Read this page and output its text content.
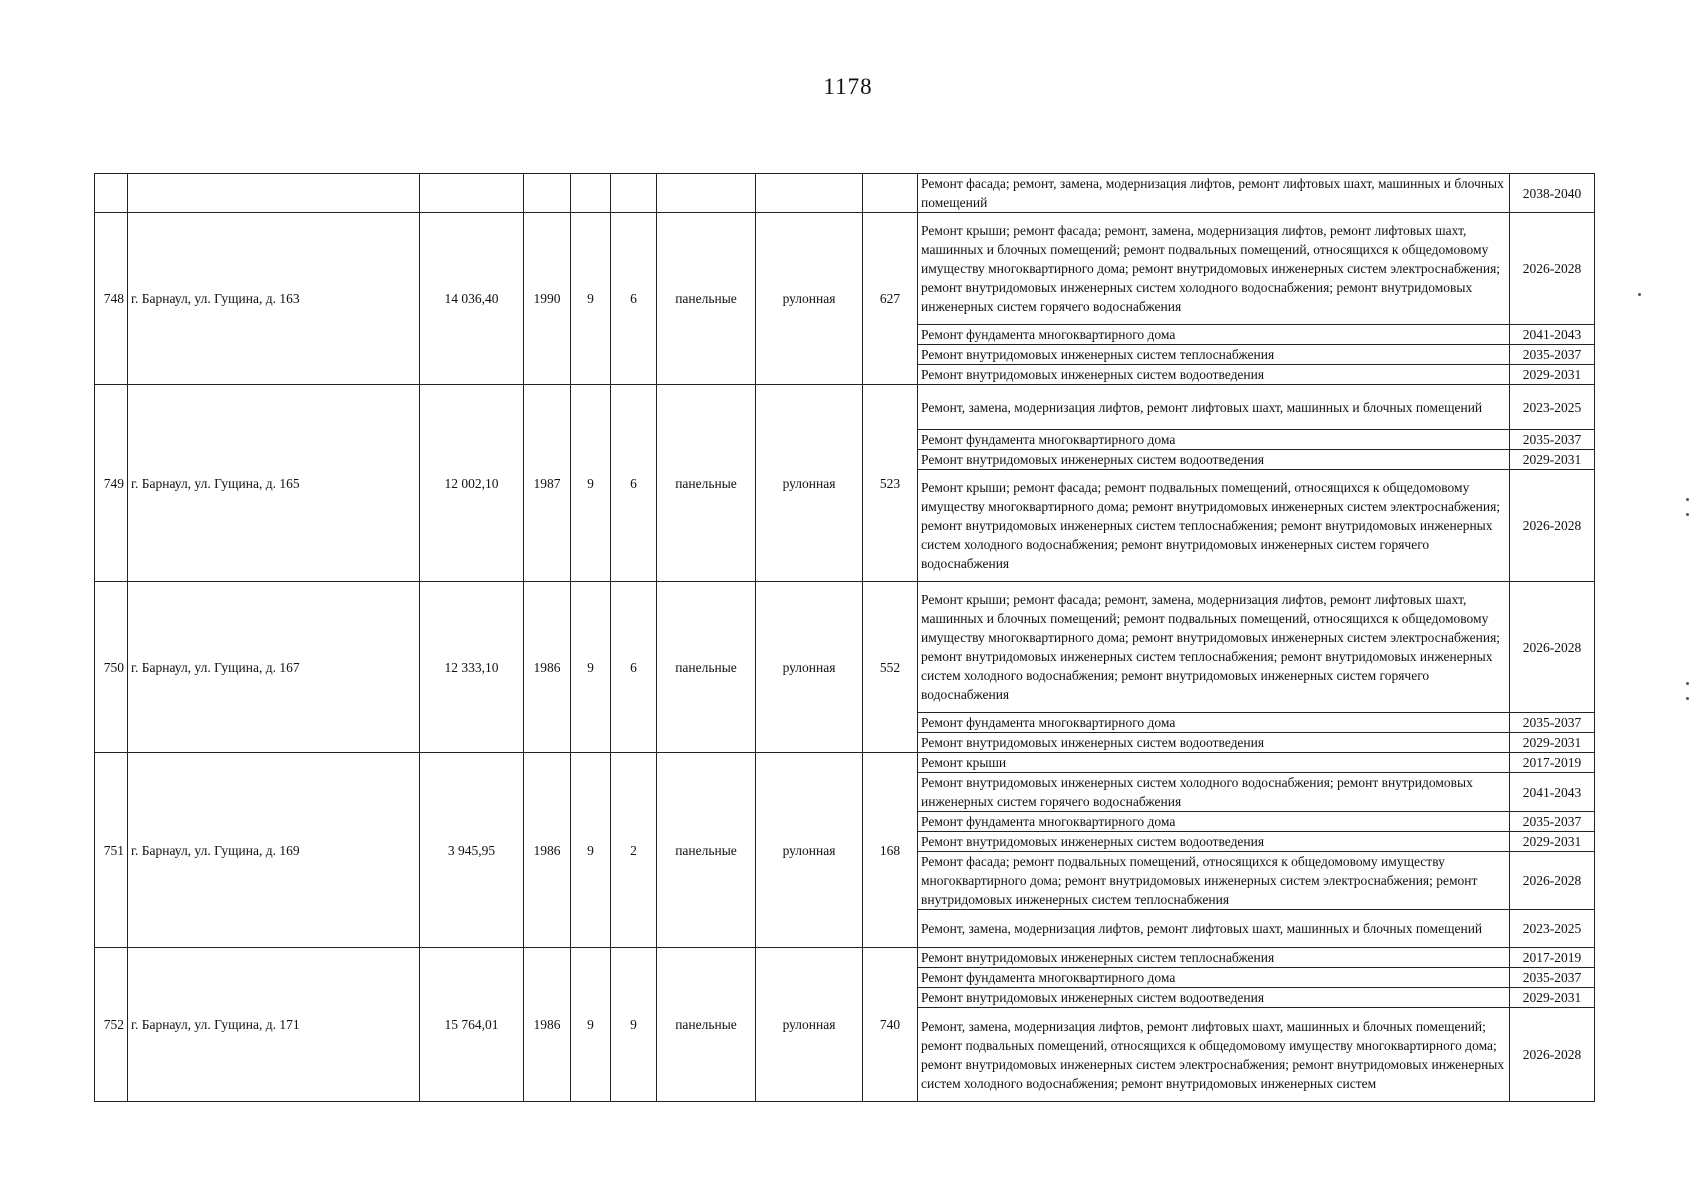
1178
									Ремонт фасада; ремонт, замена, модернизация лифтов, ремонт лифтовых шахт, машинных и блочных помещений	2038-2040
748	г. Барнаул, ул. Гущина, д. 163	14 036,40	1990	9	6	панельные	рулонная	627	Ремонт крыши; ремонт фасада; ремонт, замена, модернизация лифтов, ремонт лифтовых шахт, машинных и блочных помещений; ремонт подвальных помещений, относящихся к общедомовому имуществу многоквартирного дома; ремонт внутридомовых инженерных систем электроснабжения; ремонт внутридомовых инженерных систем холодного водоснабжения; ремонт внутридомовых инженерных систем горячего водоснабжения	2026-2028
									Ремонт фундамента многоквартирного дома	2041-2043
									Ремонт внутридомовых инженерных систем теплоснабжения	2035-2037
									Ремонт внутридомовых инженерных систем водоотведения	2029-2031
749	г. Барнаул, ул. Гущина, д. 165	12 002,10	1987	9	6	панельные	рулонная	523	Ремонт, замена, модернизация лифтов, ремонт лифтовых шахт, машинных и блочных помещений	2023-2025
									Ремонт фундамента многоквартирного дома	2035-2037
									Ремонт внутридомовых инженерных систем водоотведения	2029-2031
									Ремонт крыши; ремонт фасада; ремонт подвальных помещений, относящихся к общедомовому имуществу многоквартирного дома; ремонт внутридомовых инженерных систем электроснабжения; ремонт внутридомовых инженерных систем теплоснабжения; ремонт внутридомовых инженерных систем холодного водоснабжения; ремонт внутридомовых инженерных систем горячего водоснабжения	2026-2028
750	г. Барнаул, ул. Гущина, д. 167	12 333,10	1986	9	6	панельные	рулонная	552	Ремонт крыши; ремонт фасада; ремонт, замена, модернизация лифтов, ремонт лифтовых шахт, машинных и блочных помещений; ремонт подвальных помещений, относящихся к общедомовому имуществу многоквартирного дома; ремонт внутридомовых инженерных систем электроснабжения; ремонт внутридомовых инженерных систем теплоснабжения; ремонт внутридомовых инженерных систем холодного водоснабжения; ремонт внутридомовых инженерных систем горячего водоснабжения	2026-2028
									Ремонт фундамента многоквартирного дома	2035-2037
									Ремонт внутридомовых инженерных систем водоотведения	2029-2031
751	г. Барнаул, ул. Гущина, д. 169	3 945,95	1986	9	2	панельные	рулонная	168	Ремонт крыши	2017-2019
									Ремонт внутридомовых инженерных систем холодного водоснабжения; ремонт внутридомовых инженерных систем горячего водоснабжения	2041-2043
									Ремонт фундамента многоквартирного дома	2035-2037
									Ремонт внутридомовых инженерных систем водоотведения	2029-2031
									Ремонт фасада; ремонт подвальных помещений, относящихся к общедомовому имуществу многоквартирного дома; ремонт внутридомовых инженерных систем электроснабжения; ремонт внутридомовых инженерных систем теплоснабжения	2026-2028
									Ремонт, замена, модернизация лифтов, ремонт лифтовых шахт, машинных и блочных помещений	2023-2025
752	г. Барнаул, ул. Гущина, д. 171	15 764,01	1986	9	9	панельные	рулонная	740	Ремонт внутридомовых инженерных систем теплоснабжения	2017-2019
									Ремонт фундамента многоквартирного дома	2035-2037
									Ремонт внутридомовых инженерных систем водоотведения	2029-2031
									Ремонт, замена, модернизация лифтов, ремонт лифтовых шахт, машинных и блочных помещений; ремонт подвальных помещений, относящихся к общедомовому имуществу многоквартирного дома; ремонт внутридомовых инженерных систем электроснабжения; ремонт внутридомовых инженерных систем холодного водоснабжения; ремонт внутридомовых инженерных систем	2026-2028
